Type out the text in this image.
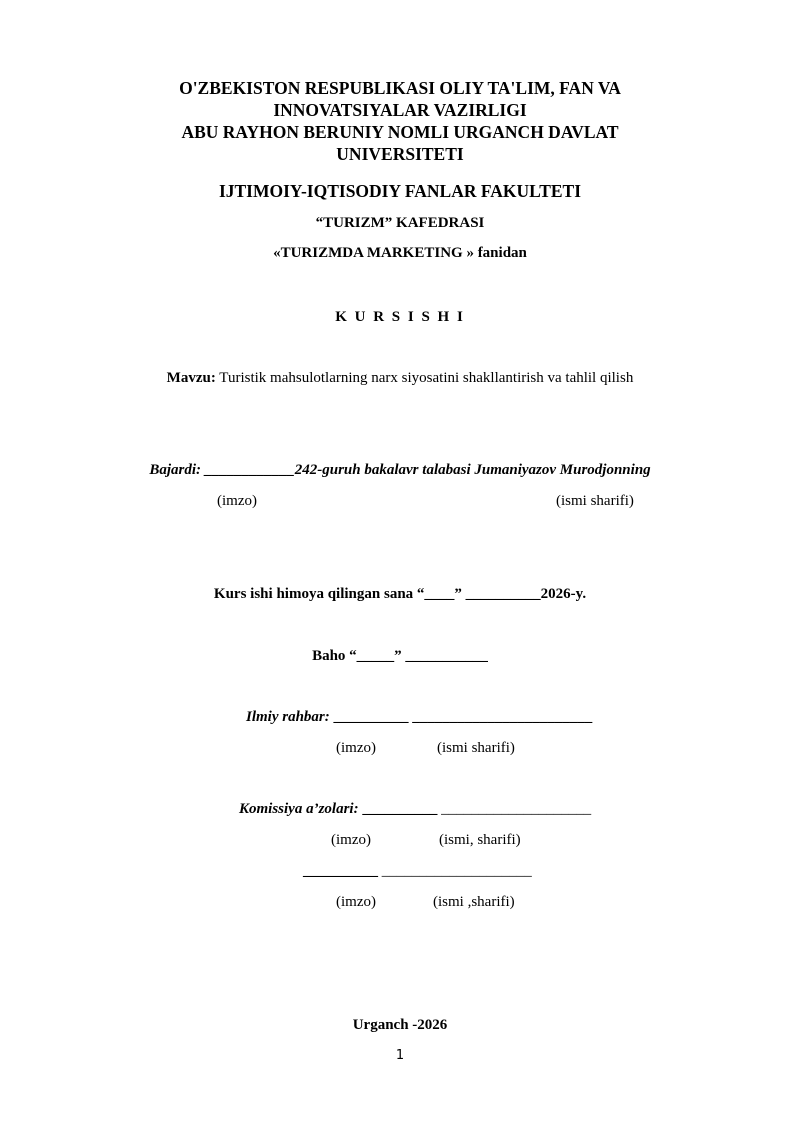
O'ZBEKISTON RESPUBLIKASI OLIY TA'LIM, FAN VA
INNOVATSIYALAR VAZIRLIGI
ABU RAYHON BERUNIY NOMLI URGANCH DAVLAT
UNIVERSITETI
IJTIMOIY-IQTISODIY FANLAR FAKULTETI
“TURIZM” KAFEDRASI
«TURIZMDA MARKETING » fanidan
K U R S I S H I
Mavzu: Turistik mahsulotlarning narx siyosatini shakllantirish va tahlil qilish
Bajardi: ____________242-guruh bakalavr talabasi Jumaniyazov Murodjonning
(imzo)	(ismi sharifi)
Kurs ishi himoya qilingan sana “____” __________2026-y.
Baho “_____” ___________
Ilmiy rahbar: __________ ________________________
(imzo)	(ismi sharifi)
Komissiya a’zolari: __________ ____________________
(imzo)	(ismi, sharifi)
__________ ____________________
(imzo)	(ismi ,sharifi)
Urganch -2026
1
